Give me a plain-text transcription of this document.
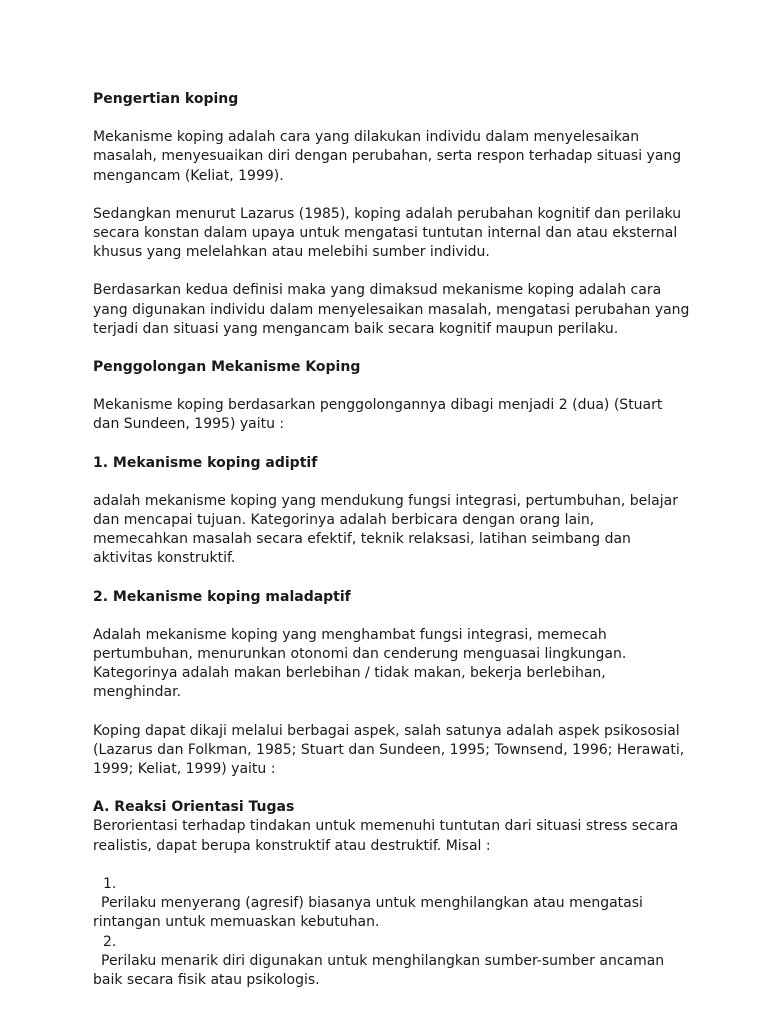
Pengertian koping

Mekanisme koping adalah cara yang dilakukan individu dalam menyelesaikan masalah, menyesuaikan diri dengan perubahan, serta respon terhadap situasi yang mengancam (Keliat, 1999).

Sedangkan menurut Lazarus (1985), koping adalah perubahan kognitif dan perilaku secara konstan dalam upaya untuk mengatasi tuntutan internal dan atau eksternal khusus yang melelahkan atau melebihi sumber individu.

Berdasarkan kedua definisi maka yang dimaksud mekanisme koping adalah cara yang digunakan individu dalam menyelesaikan masalah, mengatasi perubahan yang terjadi dan situasi yang mengancam baik secara kognitif maupun perilaku.

Penggolongan Mekanisme Koping

Mekanisme koping berdasarkan penggolongannya dibagi menjadi 2 (dua) (Stuart dan Sundeen, 1995) yaitu :

1. Mekanisme koping adiptif

adalah mekanisme koping yang mendukung fungsi integrasi, pertumbuhan, belajar dan mencapai tujuan. Kategorinya adalah berbicara dengan orang lain, memecahkan masalah secara efektif, teknik relaksasi, latihan seimbang dan aktivitas konstruktif.

2. Mekanisme koping maladaptif

Adalah mekanisme koping yang menghambat fungsi integrasi, memecah pertumbuhan, menurunkan otonomi dan cenderung menguasai lingkungan. Kategorinya adalah makan berlebihan / tidak makan, bekerja berlebihan, menghindar.

Koping dapat dikaji melalui berbagai aspek, salah satunya adalah aspek psikososial (Lazarus dan Folkman, 1985; Stuart dan Sundeen, 1995; Townsend, 1996; Herawati, 1999; Keliat, 1999) yaitu :

A. Reaksi Orientasi Tugas

Berorientasi terhadap tindakan untuk memenuhi tuntutan dari situasi stress secara realistis, dapat berupa konstruktif atau destruktif. Misal :

1.

Perilaku menyerang (agresif) biasanya untuk menghilangkan atau mengatasi rintangan untuk memuaskan kebutuhan.

2.

Perilaku menarik diri digunakan untuk menghilangkan sumber-sumber ancaman baik secara fisik atau psikologis.
